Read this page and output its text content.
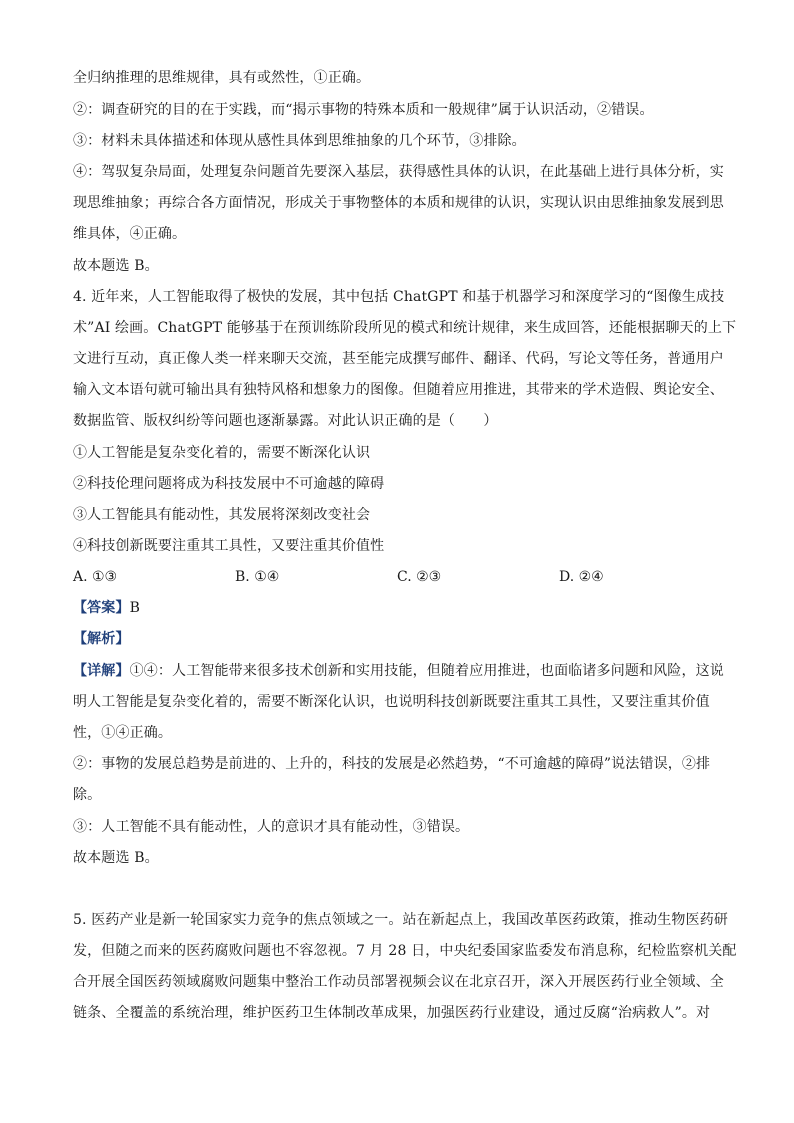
全归纳推理的思维规律，具有或然性，①正确。
②：调查研究的目的在于实践，而“揭示事物的特殊本质和一般规律”属于认识活动，②错误。
③：材料未具体描述和体现从感性具体到思维抽象的几个环节，③排除。
④：驾驭复杂局面，处理复杂问题首先要深入基层，获得感性具体的认识，在此基础上进行具体分析，实
现思维抽象；再综合各方面情况，形成关于事物整体的本质和规律的认识，实现认识由思维抽象发展到思
维具体，④正确。
故本题选 B。
4. 近年来，人工智能取得了极快的发展，其中包括 ChatGPT 和基于机器学习和深度学习的“图像生成技
术”AI 绘画。ChatGPT 能够基于在预训练阶段所见的模式和统计规律，来生成回答，还能根据聊天的上下
文进行互动，真正像人类一样来聊天交流，甚至能完成撰写邮件、翻译、代码，写论文等任务，普通用户
输入文本语句就可输出具有独特风格和想象力的图像。但随着应用推进，其带来的学术造假、舆论安全、
数据监管、版权纠纷等问题也逐渐暴露。对此认识正确的是（　　）
①人工智能是复杂变化着的，需要不断深化认识
②科技伦理问题将成为科技发展中不可逾越的障碍
③人工智能具有能动性，其发展将深刻改变社会
④科技创新既要注重其工具性，又要注重其价值性
A. ①③	B. ①④	C. ②③	D. ②④
【答案】B
【解析】
【详解】①④：人工智能带来很多技术创新和实用技能，但随着应用推进，也面临诸多问题和风险，这说
明人工智能是复杂变化着的，需要不断深化认识，也说明科技创新既要注重其工具性，又要注重其价值
性，①④正确。
②：事物的发展总趋势是前进的、上升的，科技的发展是必然趋势，“不可逾越的障碍”说法错误，②排
除。
③：人工智能不具有能动性，人的意识才具有能动性，③错误。
故本题选 B。
5. 医药产业是新一轮国家实力竞争的焦点领域之一。站在新起点上，我国改革医药政策，推动生物医药研
发，但随之而来的医药腐败问题也不容忽视。7 月 28 日，中央纪委国家监委发布消息称，纪检监察机关配
合开展全国医药领域腐败问题集中整治工作动员部署视频会议在北京召开，深入开展医药行业全领域、全
链条、全覆盖的系统治理，维护医药卫生体制改革成果，加强医药行业建设，通过反腐“治病救人”。对
